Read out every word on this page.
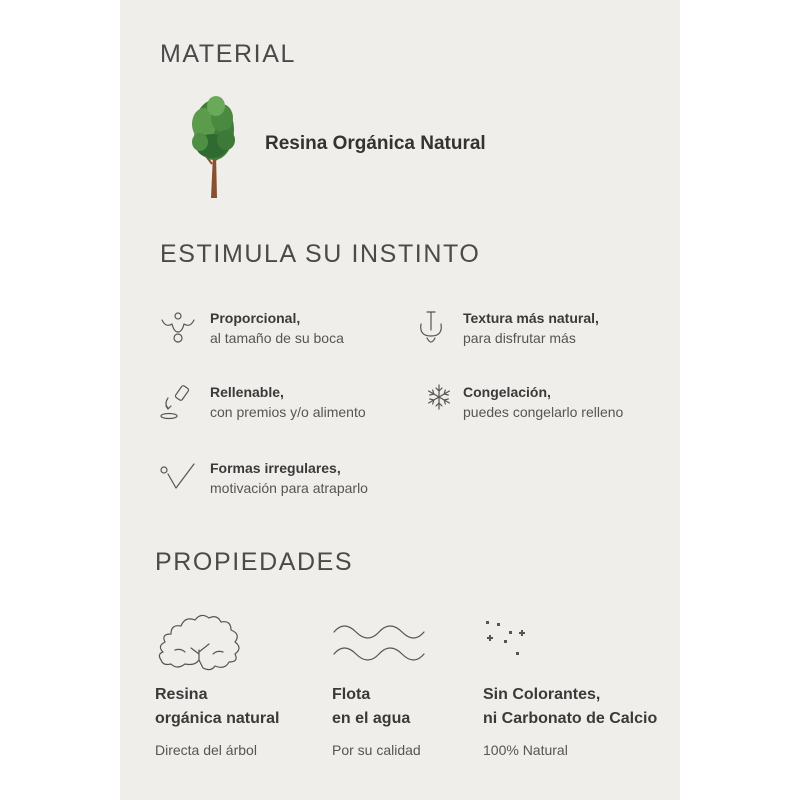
MATERIAL
Resina Orgánica Natural
ESTIMULA SU INSTINTO
Proporcional,
al tamaño de su boca
Textura más natural,
para disfrutar más
Rellenable,
con premios y/o alimento
Congelación,
puedes congelarlo relleno
Formas irregulares,
motivación para atraparlo
PROPIEDADES
Resina
orgánica natural
Directa del árbol
Flota
en el agua
Por su calidad
Sin Colorantes,
ni Carbonato de Calcio
100% Natural
